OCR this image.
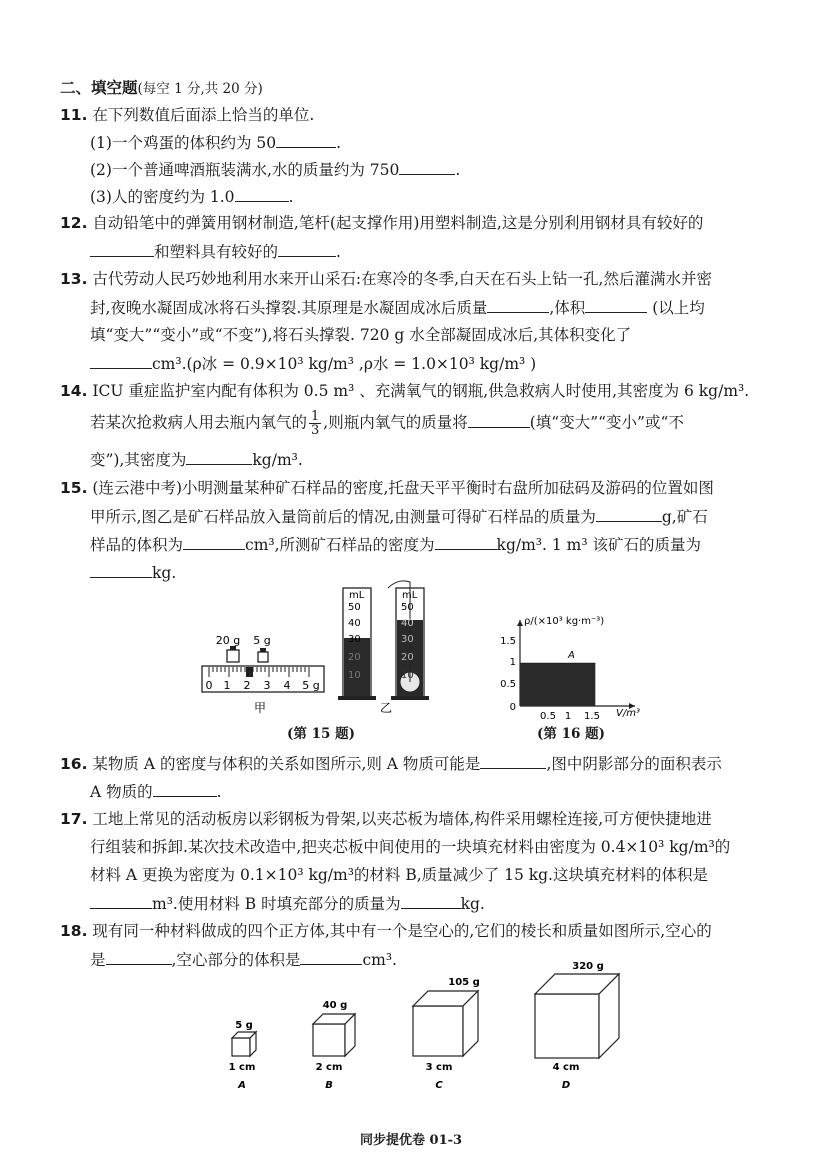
二、填空题(每空 1 分,共 20 分)
11. 在下列数值后面添上恰当的单位.
(1)一个鸡蛋的体积约为 50	.
(2)一个普通啤酒瓶装满水,水的质量约为 750	.
(3)人的密度约为 1.0	.
12. 自动铅笔中的弹簧用钢材制造,笔杆(起支撑作用)用塑料制造,这是分别利用钢材具有较好的
和塑料具有较好的	.
13. 古代劳动人民巧妙地利用水来开山采石:在寒冷的冬季,白天在石头上钻一孔,然后灌满水并密
封,夜晚水凝固成冰将石头撑裂.其原理是水凝固成冰后质量	,体积	(以上均
填“变大”“变小”或“不变”),将石头撑裂. 720 g 水全部凝固成冰后,其体积变化了
cm³.(ρ冰 = 0.9×10³ kg/m³ ,ρ水 = 1.0×10³ kg/m³ )
14. ICU 重症监护室内配有体积为 0.5 m³ 、充满氧气的钢瓶,供急救病人时使用,其密度为 6 kg/m³.
若某次抢救病人用去瓶内氧气的 $\frac{1}{3}$ ,则瓶内氧气的质量将	(填“变大”“变小”或“不
变”),其密度为	kg/m³.
15. (连云港中考)小明测量某种矿石样品的密度,托盘天平平衡时右盘所加砝码及游码的位置如图
甲所示,图乙是矿石样品放入量筒前后的情况,由测量可得矿石样品的质量为	g,矿石
样品的体积为	cm³,所测矿石样品的密度为	kg/m³. 1 m³ 该矿石的质量为
kg.
20 g 5 g
0 1 2 3 4 5 g
甲
mL
50
40
30
20
10
mL
50
40
30
20
10
乙
(第 15 题)
ρ/(×10³ kg·m⁻³)
V/m³
1.5
1
0.5
0
0.5 1 1.5
A
(第 16 题)
16. 某物质 A 的密度与体积的关系如图所示,则 A 物质可能是	,图中阴影部分的面积表示
A 物质的	.
17. 工地上常见的活动板房以彩钢板为骨架,以夹芯板为墙体,构件采用螺栓连接,可方便快捷地进
行组装和拆卸.某次技术改造中,把夹芯板中间使用的一块填充材料由密度为 0.4×10³ kg/m³的
材料 A 更换为密度为 0.1×10³ kg/m³的材料 B,质量减少了 15 kg.这块填充材料的体积是
m³.使用材料 B 时填充部分的质量为	kg.
18. 现有同一种材料做成的四个正方体,其中有一个是空心的,它们的棱长和质量如图所示,空心的
是	,空心部分的体积是	cm³.
5 g
1 cm
A
40 g
2 cm
B
105 g
3 cm
C
320 g
4 cm
D
同步提优卷 01-3
